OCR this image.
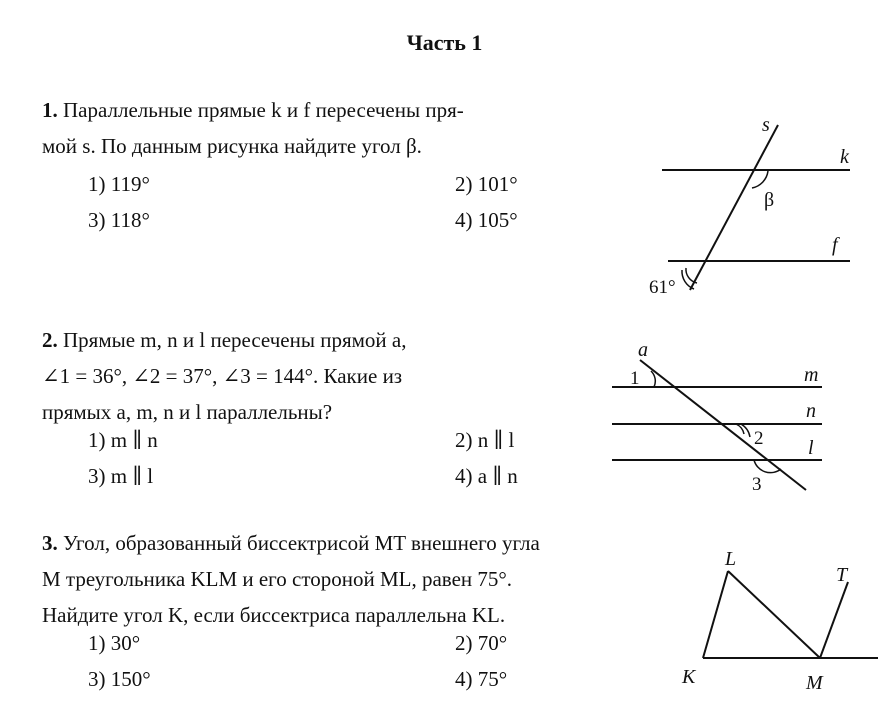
Часть 1
1. Параллельные прямые k и f пересечены пря-
мой s. По данным рисунка найдите угол β.
1) 119°	2) 101°
3) 118°	4) 105°
s
k
f
β
61°
2. Прямые m, n и l пересечены прямой a,
∠1 = 36°, ∠2 = 37°, ∠3 = 144°. Какие из
прямых a, m, n и l параллельны?
1) m ∥ n	2) n ∥ l
3) m ∥ l	4) a ∥ n
a
m
n
l
1
2
3
3. Угол, образованный биссектрисой MT внешнего угла
M треугольника KLM и его стороной ML, равен 75°.
Найдите угол K, если биссектриса параллельна KL.
1) 30°	2) 70°
3) 150°	4) 75°
L
T
K	M
